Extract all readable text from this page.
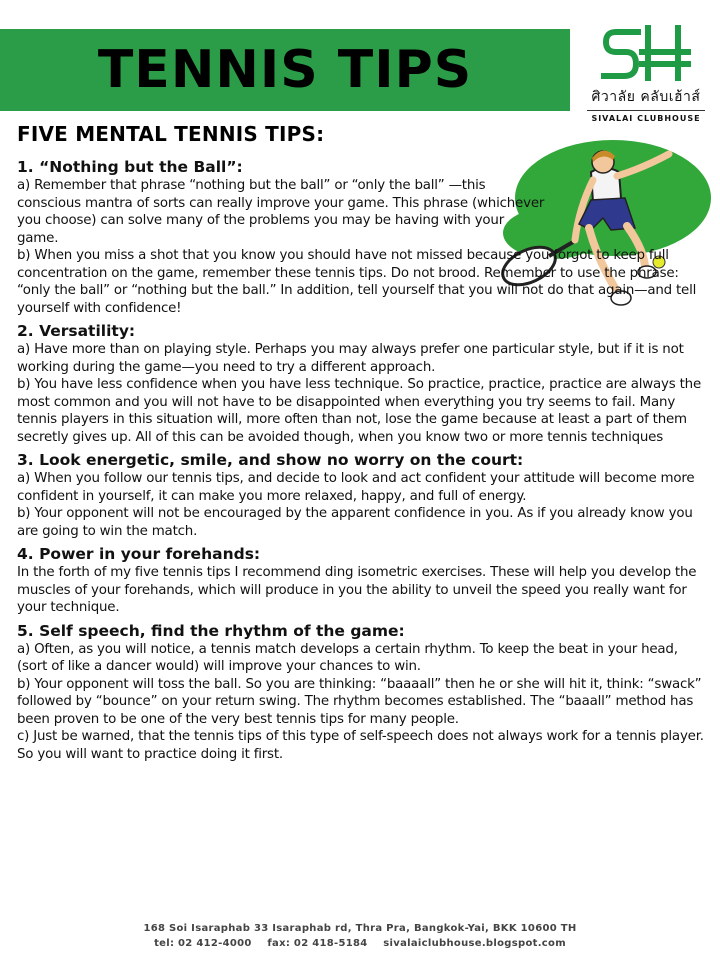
TENNIS TIPS	ศิวาลัย คลับเฮ้าส์
SIVALAI CLUBHOUSE
FIVE MENTAL TENNIS TIPS:
1. “Nothing but the Ball”:
a) Remember that phrase “nothing but the ball” or “only the ball” —this conscious mantra of sorts can really improve your game. This phrase (whichever you choose) can solve many of the problems you may be having with your game.
b) When you miss a shot that you know you should have not missed because you forgot to keep full concentration on the game, remember these tennis tips. Do not brood. Remember to use the phrase: “only the ball” or “nothing but the ball.” In addition, tell yourself that you will not do that again—and tell yourself with confidence!
2. Versatility:
a) Have more than on playing style. Perhaps you may always prefer one particular style, but if it is not working during the game—you need to try a different approach.
b) You have less confidence when you have less technique. So practice, practice, practice are always the most common and you will not have to be disappointed when everything you try seems to fail. Many tennis players in this situation will, more often than not, lose the game because at least a part of them secretly gives up. All of this can be avoided though, when you know two or more tennis techniques
3. Look energetic, smile, and show no worry on the court:
a) When you follow our tennis tips, and decide to look and act confident your attitude will become more confident in yourself, it can make you more relaxed, happy, and full of energy.
b) Your opponent will not be encouraged by the apparent confidence in you. As if you already know you are going to win the match.
4. Power in your forehands:
In the forth of my five tennis tips I recommend ding isometric exercises. These will help you develop the muscles of your forehands, which will produce in you the ability to unveil the speed you really want for your technique.
5. Self speech, find the rhythm of the game:
a) Often, as you will notice, a tennis match develops a certain rhythm. To keep the beat in your head, (sort of like a dancer would) will improve your chances to win.
b) Your opponent will toss the ball. So you are thinking: “baaaall” then he or she will hit it, think: “swack” followed by “bounce” on your return swing. The rhythm becomes established. The “baaall” method has been proven to be one of the very best tennis tips for many people.
c) Just be warned, that the tennis tips of this type of self-speech does not always work for a tennis player. So you will want to practice doing it first.
168 Soi Isaraphab 33 Isaraphab rd, Thra Pra, Bangkok-Yai, BKK 10600 TH
tel: 02 412-4000 fax: 02 418-5184 sivalaiclubhouse.blogspot.com
